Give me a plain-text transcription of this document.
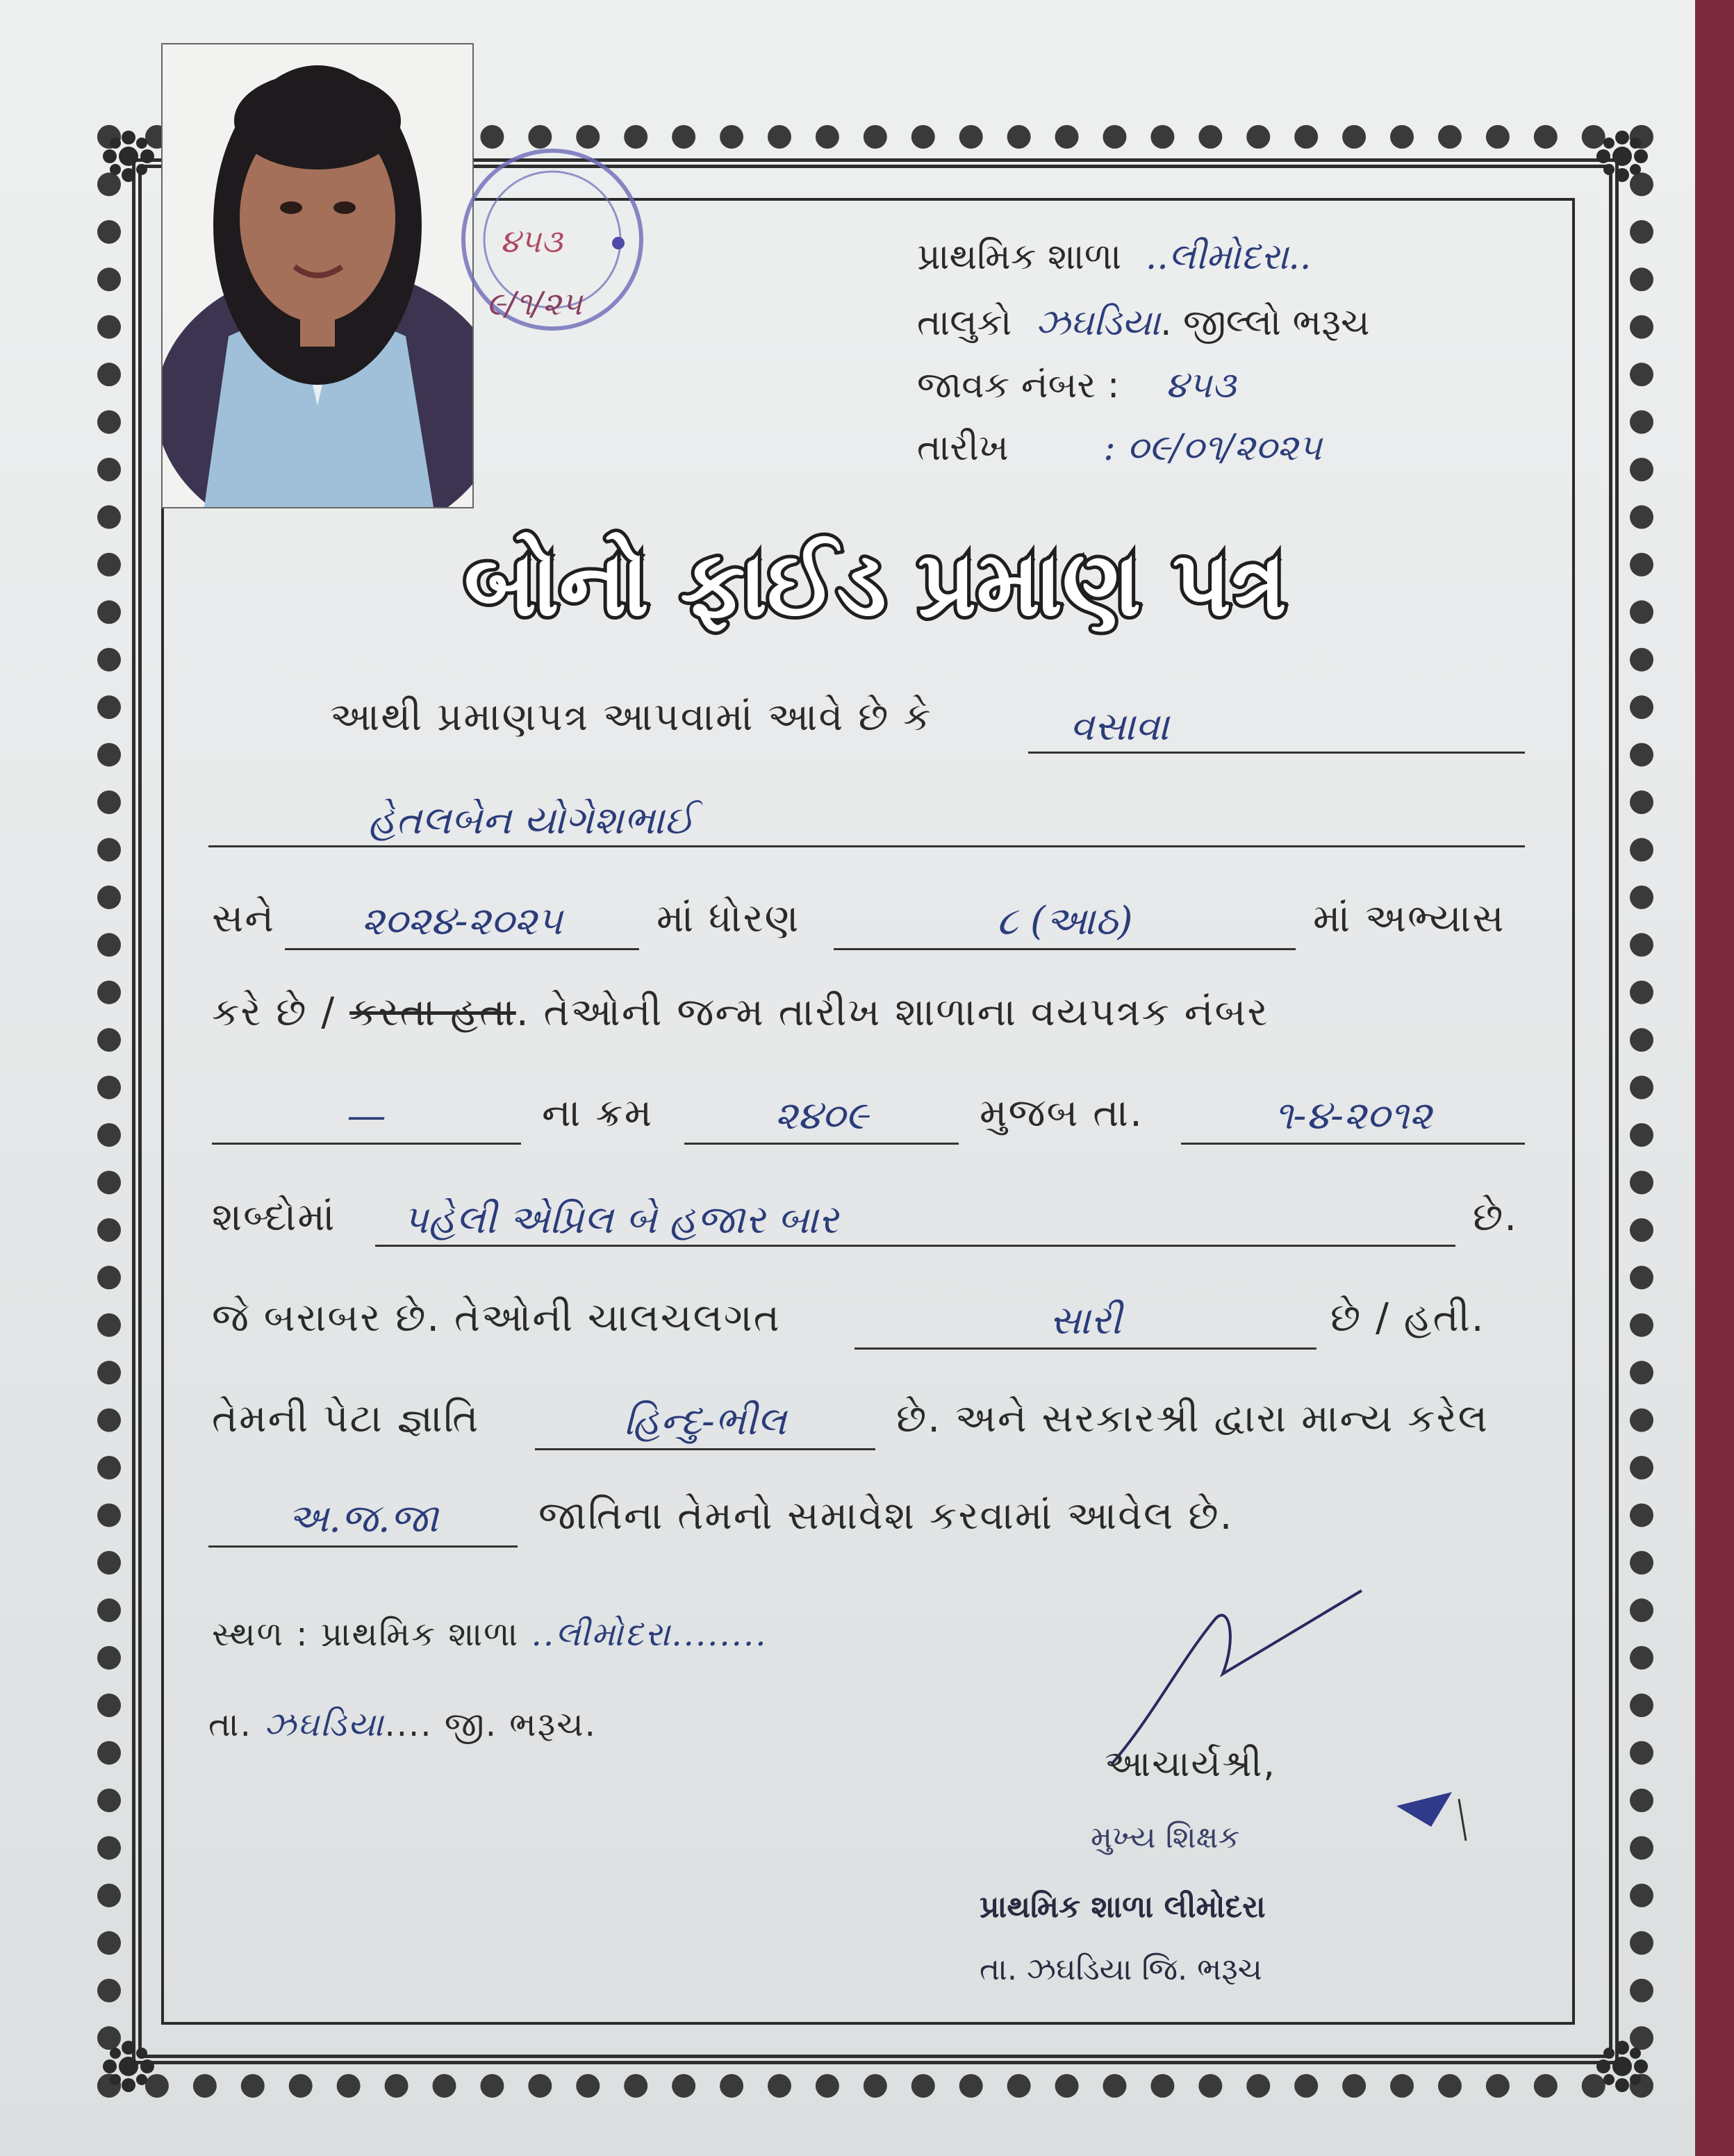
૪૫૩
૯/૧/૨૫
પ્રાથમિક શાળા ..લીમોદરા..
તાલુકો ઝઘડિયા. જીલ્લો ભરૂચ
જાવક નંબર : ૪૫૩
તારીખ	: ૦૯/૦૧/૨૦૨૫
બોનો ફાઈડ પ્રમાણ પત્ર
આથી પ્રમાણપત્ર આપવામાં આવે છે કે	વસાવા
હેતલબેન યોગેશભાઈ
સને	૨૦૨૪-૨૦૨૫	માં ધોરણ	૮ (આઠ)	માં અભ્યાસ
કરે છે / કરતા હતા. તેઓની જન્મ તારીખ શાળાના વયપત્રક નંબર
—	ના ક્રમ	૨૪૦૯	મુજબ તા.	૧-૪-૨૦૧૨
શબ્દોમાં	પહેલી એપ્રિલ બે હજાર બાર	છે.
જે બરાબર છે. તેઓની ચાલચલગત	સારી	છે / હતી.
તેમની પેટા જ્ઞાતિ	હિન્દુ-ભીલ	છે. અને સરકારશ્રી દ્વારા માન્ય કરેલ
અ.જ.જા	જાતિના તેમનો સમાવેશ કરવામાં આવેલ છે.
સ્થળ : પ્રાથમિક શાળા ..લીમોદરા........
તા. ઝઘડિયા.... જી. ભરૂચ.
આચાર્યશ્રી,
મુખ્ય શિક્ષક
પ્રાથમિક શાળા લીમોદરા
તા. ઝઘડિયા જિ. ભરૂચ
